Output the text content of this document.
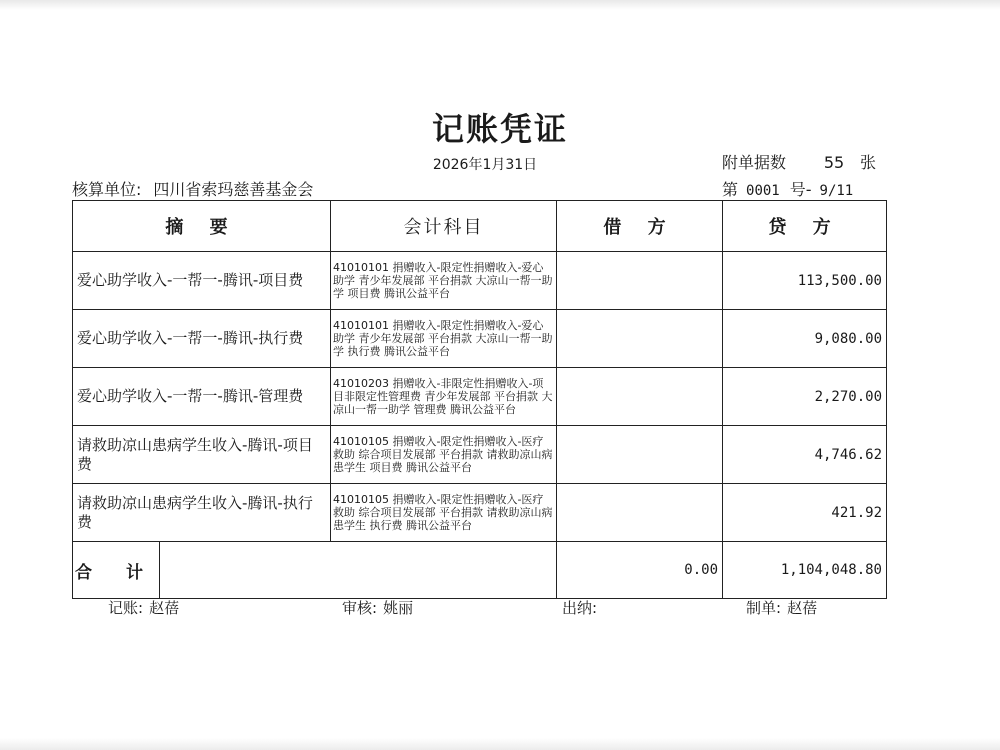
记账凭证
2026年1月31日	附单据数 55 张
核算单位: 四川省索玛慈善基金会	第 0001 号- 9/11
摘 要	会计科目	借 方	贷 方
爱心助学收入-一帮一-腾讯-项目费	41010101 捐赠收入-限定性捐赠收入-爱心助学 青少年发展部 平台捐款 大凉山一帮一助学 项目费 腾讯公益平台		113,500.00
爱心助学收入-一帮一-腾讯-执行费	41010101 捐赠收入-限定性捐赠收入-爱心助学 青少年发展部 平台捐款 大凉山一帮一助学 执行费 腾讯公益平台		9,080.00
爱心助学收入-一帮一-腾讯-管理费	41010203 捐赠收入-非限定性捐赠收入-项目非限定性管理费 青少年发展部 平台捐款 大凉山一帮一助学 管理费 腾讯公益平台		2,270.00
请救助凉山患病学生收入-腾讯-项目费	41010105 捐赠收入-限定性捐赠收入-医疗救助 综合项目发展部 平台捐款 请救助凉山病患学生 项目费 腾讯公益平台		4,746.62
请救助凉山患病学生收入-腾讯-执行费	41010105 捐赠收入-限定性捐赠收入-医疗救助 综合项目发展部 平台捐款 请救助凉山病患学生 执行费 腾讯公益平台		421.92

合 计		0.00	1,104,048.80
记账: 赵蓓	审核: 姚丽	出纳:	制单: 赵蓓
